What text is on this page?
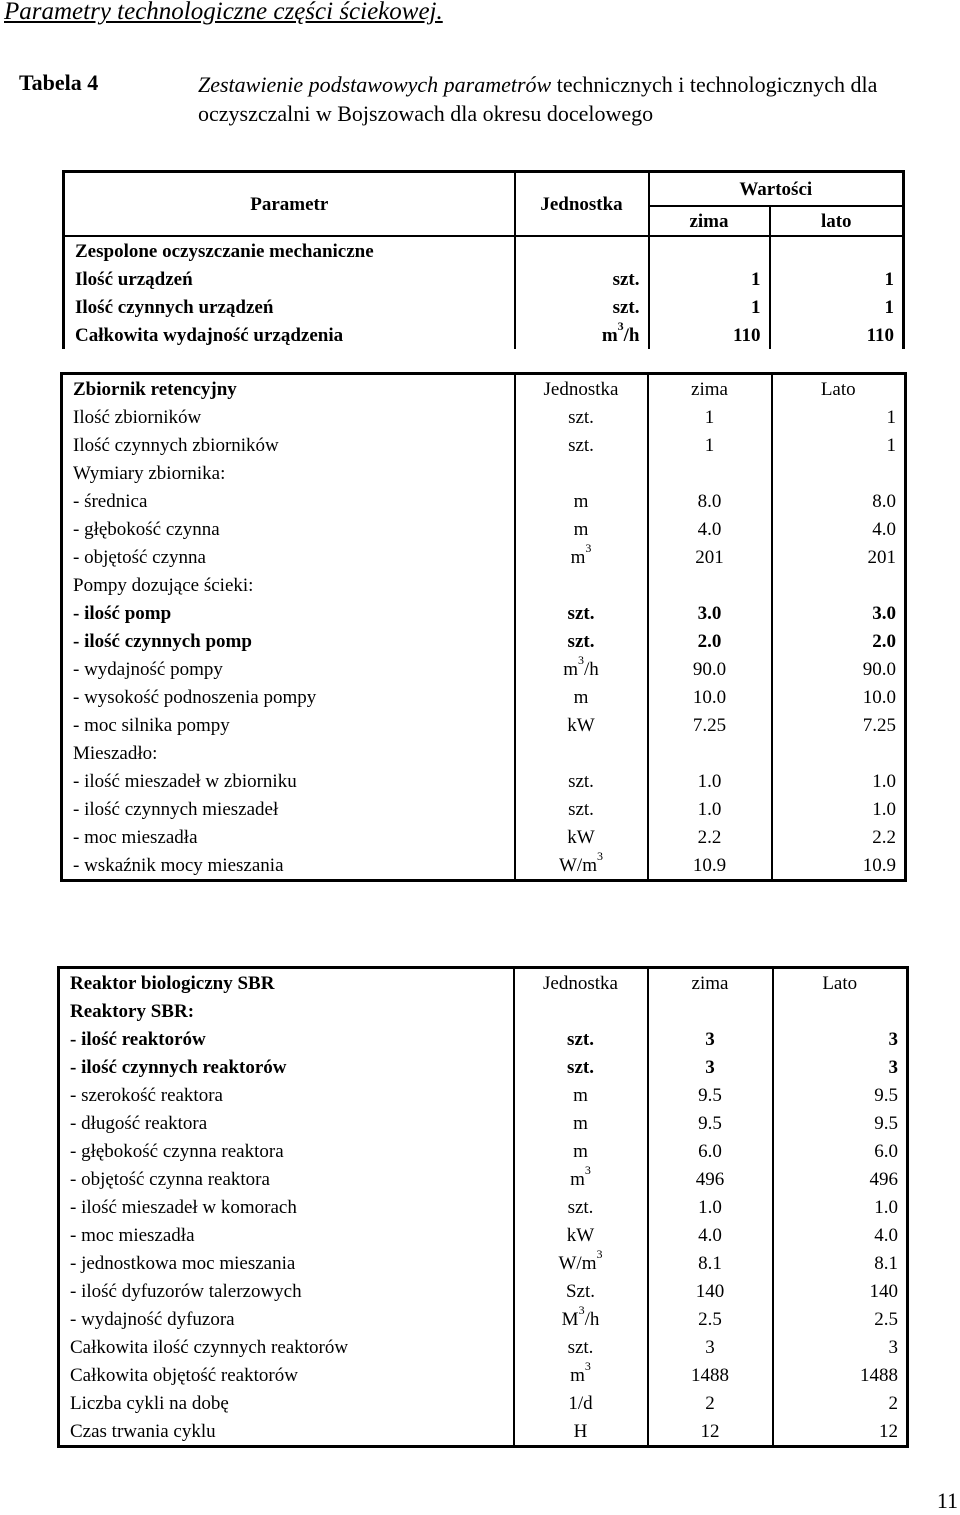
Parametry technologiczne części ściekowej.
Tabela 4	Zestawienie podstawowych parametrów technicznych i technologicznych dla oczyszczalni w Bojszowach dla okresu docelowego
Parametr	Jednostka	Wartości	
		zima	lato
Zespolone oczyszczanie mechaniczne			
Ilość urządzeń	szt.	1	1
Ilość czynnych urządzeń	szt.	1	1
Całkowita wydajność urządzenia	$m^3/h$	110	110
Zbiornik retencyjny	Jednostka	zima	Lato
Ilość zbiorników	szt.	1	1
Ilość czynnych zbiorników	szt.	1	1
Wymiary zbiornika:			
- średnica	m	8.0	8.0
- głębokość czynna	m	4.0	4.0
- objętość czynna	$m^3$	201	201
Pompy dozujące ścieki:			
- ilość pomp	szt.	3.0	3.0
- ilość czynnych pomp	szt.	2.0	2.0
- wydajność pompy	$m^3/h$	90.0	90.0
- wysokość podnoszenia pompy	m	10.0	10.0
- moc silnika pompy	kW	7.25	7.25
Mieszadło:			
- ilość mieszadeł w zbiorniku	szt.	1.0	1.0
- ilość czynnych mieszadeł	szt.	1.0	1.0
- moc mieszadła	kW	2.2	2.2
- wskaźnik mocy mieszania	$W/m^3$	10.9	10.9
Reaktor biologiczny SBR	Jednostka	zima	Lato
Reaktory SBR:			
- ilość reaktorów	szt.	3	3
- ilość czynnych reaktorów	szt.	3	3
- szerokość reaktora	m	9.5	9.5
- długość reaktora	m	9.5	9.5
- głębokość czynna reaktora	m	6.0	6.0
- objętość czynna reaktora	$m^3$	496	496
- ilość mieszadeł w komorach	szt.	1.0	1.0
- moc mieszadła	kW	4.0	4.0
- jednostkowa moc mieszania	$W/m^3$	8.1	8.1
- ilość dyfuzorów talerzowych	Szt.	140	140
- wydajność dyfuzora	$M^3/h$	2.5	2.5
Całkowita ilość czynnych reaktorów	szt.	3	3
Całkowita objętość reaktorów	$m^3$	1488	1488
Liczba cykli na dobę	1/d	2	2
Czas trwania cyklu	H	12	12
11
